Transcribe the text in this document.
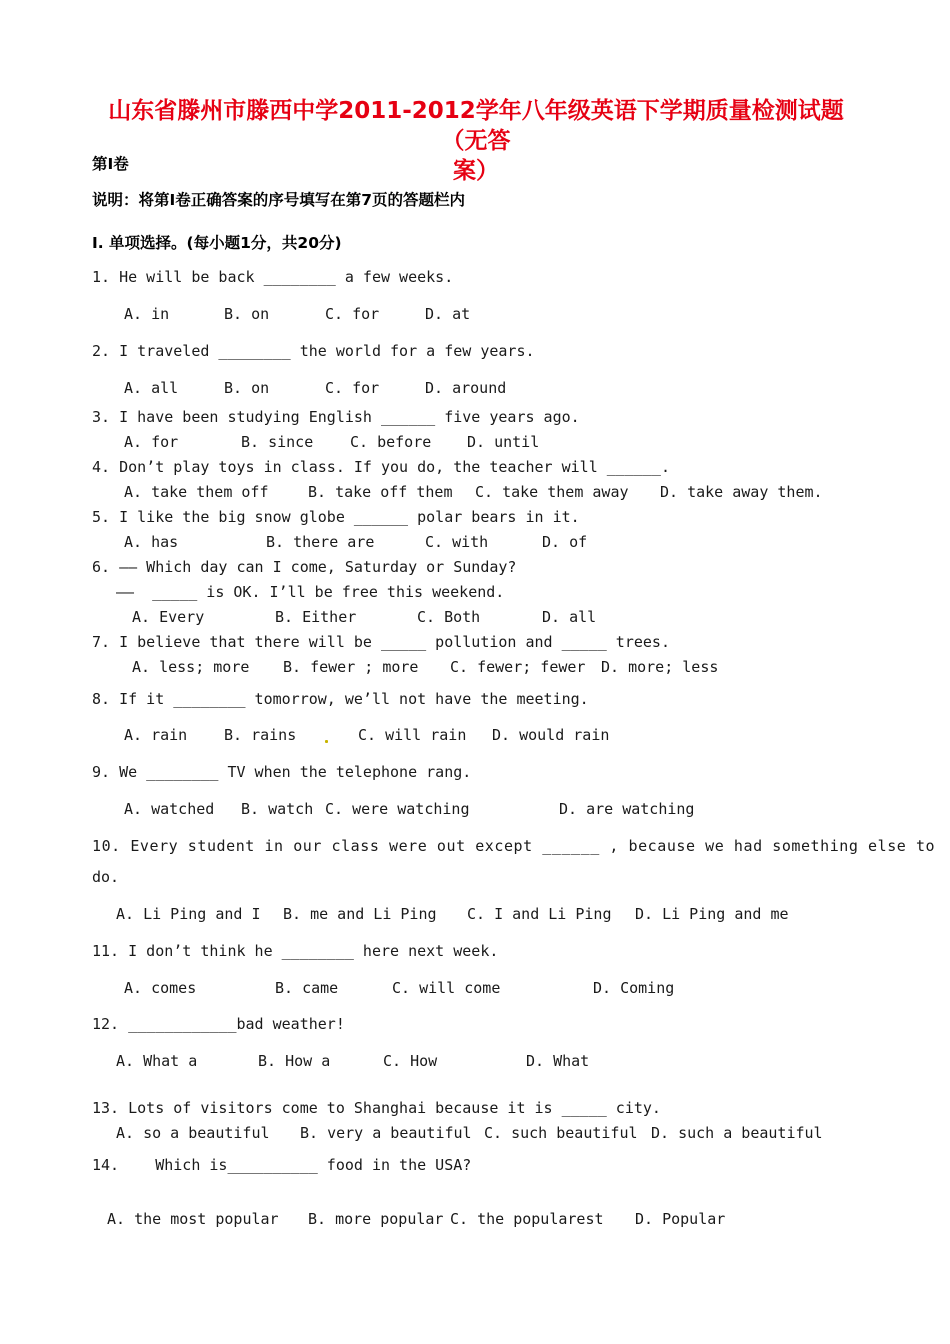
山东省滕州市滕西中学2011-2012学年八年级英语下学期质量检测试题（无答
案）
第Ⅰ卷
说明：将第Ⅰ卷正确答案的序号填写在第7页的答题栏内
Ⅰ. 单项选择。(每小题1分，共20分)
1. He will be back ________ a few weeks.

A. in

	B. on

	C. for

	D. at

2. I traveled ________ the world for a few years.

A. all

	B. on

	C. for

	D. around

3. I have been studying English ______ five years ago.

A. for

	B. since

C. before

D. until

4. Don’t play toys in class. If you do, the teacher will ______.

A. take them off

	B. take off them

C. take them away

D. take away them.

5. I like the big snow globe ______ polar bears in it.

A. has

	B. there are

	C. with

	D. of

6. —— Which day can I come, Saturday or Sunday?
——  _____ is OK. I’ll be free this weekend.

A. Every

	B. Either

	C. Both

	D. all

7. I believe that there will be _____ pollution and _____ trees.

A. less; more

B. fewer ; more

C. fewer; fewer

D. more; less

8. If it ________ tomorrow, we’ll not have the meeting.

A. rain

B. rains

	C. will rain

D. would rain

9. We ________ TV when the telephone rang.

A. watched

B. watch

C. were watching

	D. are watching

10. Every student in our class were out except ______ , because we had something else to
do.

A. Li Ping and I

B. me and Li Ping

C. I and Li Ping

D. Li Ping and me

11. I don’t think he ________ here next week.

A. comes

	B. came

	C. will come

	D. Coming

12. ____________bad weather!

A. What a

	B. How a

	C. How

	D. What

13. Lots of visitors come to Shanghai because it is _____ city.

A. so a beautiful

B. very a beautiful

C. such beautiful

D. such a beautiful

14.    Which is__________ food in the USA?

A. the most popular

B. more popular

C. the popularest

D. Popular
